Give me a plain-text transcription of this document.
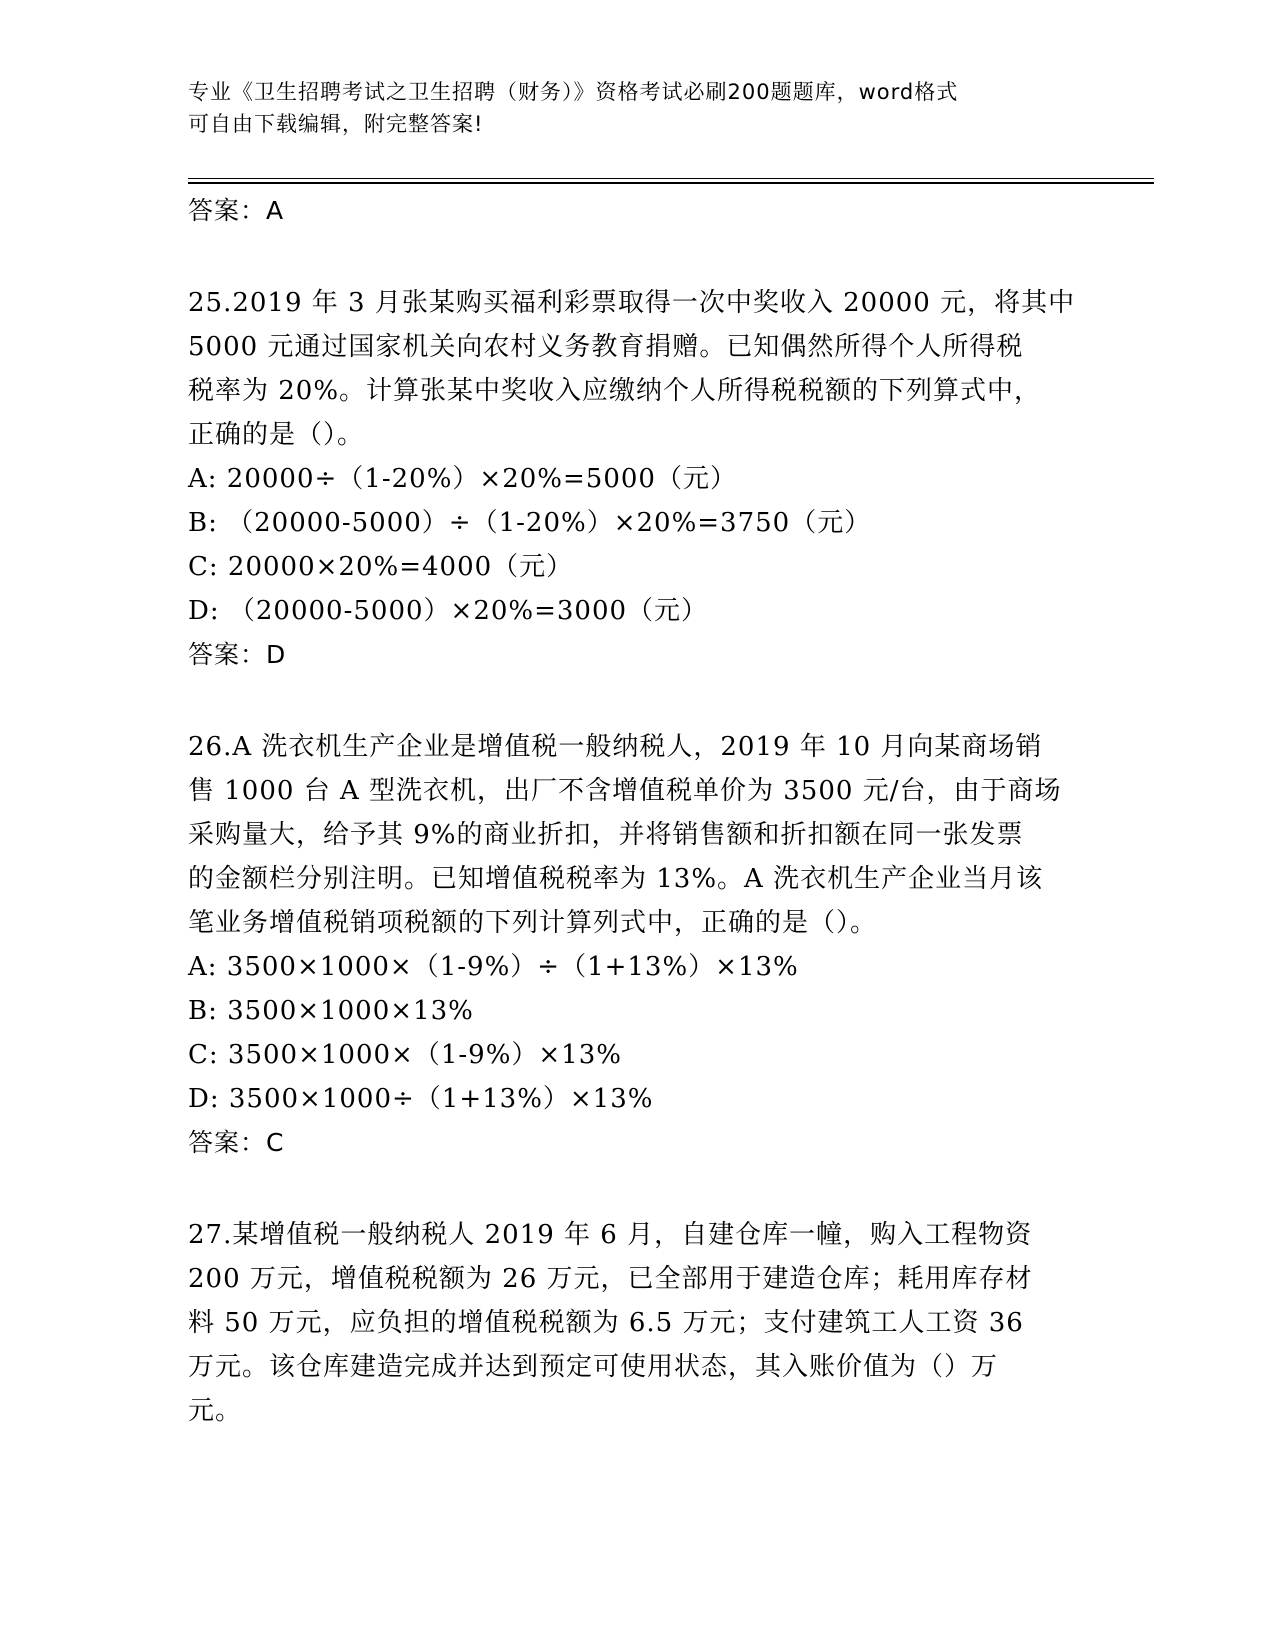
专业《卫生招聘考试之卫生招聘（财务）》资格考试必刷200题题库，word格式
可自由下载编辑，附完整答案!
答案：A
25.2019 年 3 月张某购买福利彩票取得一次中奖收入 20000 元，将其中
5000 元通过国家机关向农村义务教育捐赠。已知偶然所得个人所得税
税率为 20%。计算张某中奖收入应缴纳个人所得税税额的下列算式中，
正确的是（）。
A: 20000÷（1-20%）×20%=5000（元）
B: （20000-5000）÷（1-20%）×20%=3750（元）
C: 20000×20%=4000（元）
D: （20000-5000）×20%=3000（元）
答案：D
26.A 洗衣机生产企业是增值税一般纳税人，2019 年 10 月向某商场销
售 1000 台 A 型洗衣机，出厂不含增值税单价为 3500 元/台，由于商场
采购量大，给予其 9%的商业折扣，并将销售额和折扣额在同一张发票
的金额栏分别注明。已知增值税税率为 13%。A 洗衣机生产企业当月该
笔业务增值税销项税额的下列计算列式中，正确的是（）。
A: 3500×1000×（1-9%）÷（1+13%）×13%
B: 3500×1000×13%
C: 3500×1000×（1-9%）×13%
D: 3500×1000÷（1+13%）×13%
答案：C
27.某增值税一般纳税人 2019 年 6 月，自建仓库一幢，购入工程物资
200 万元，增值税税额为 26 万元，已全部用于建造仓库；耗用库存材
料 50 万元，应负担的增值税税额为 6.5 万元；支付建筑工人工资 36
万元。该仓库建造完成并达到预定可使用状态，其入账价值为（）万
元。
